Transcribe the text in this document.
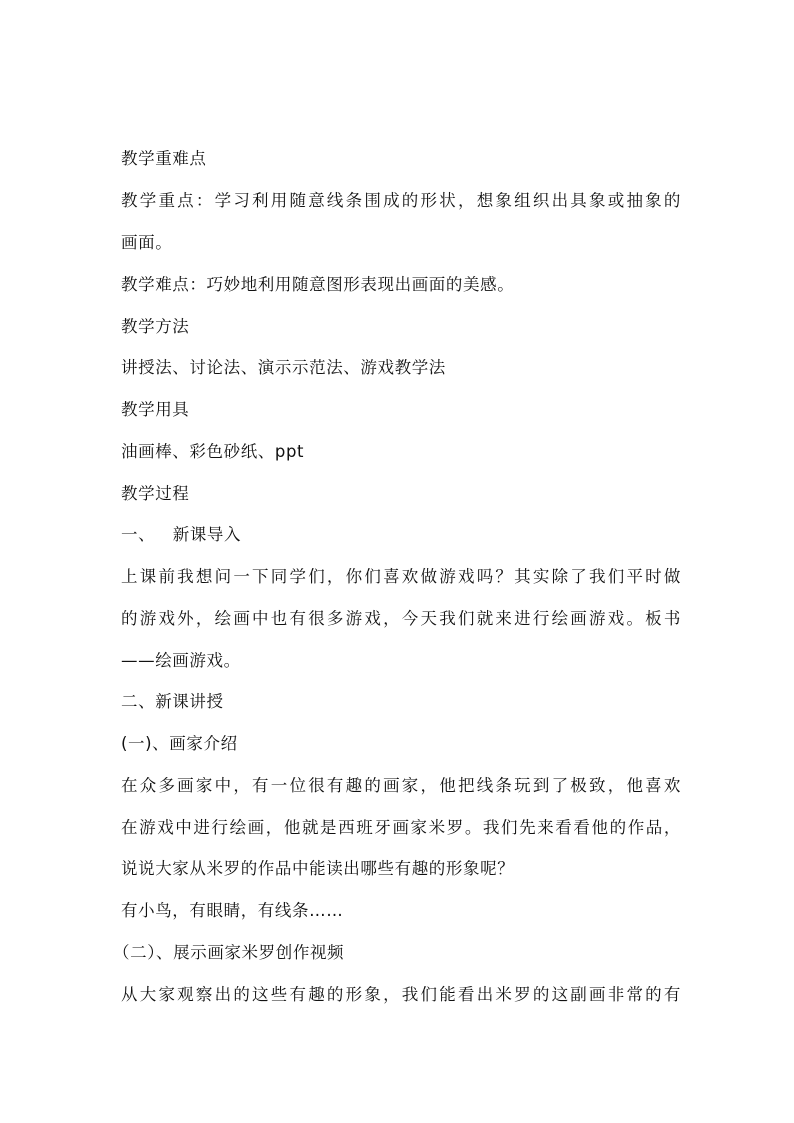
教学重难点
教学重点：学习利用随意线条围成的形状，想象组织出具象或抽象的
画面。
教学难点：巧妙地利用随意图形表现出画面的美感。
教学方法
讲授法、讨论法、演示示范法、游戏教学法
教学用具
油画棒、彩色砂纸、ppt
教学过程
一、   新课导入
上课前我想问一下同学们，你们喜欢做游戏吗？其实除了我们平时做
的游戏外，绘画中也有很多游戏，今天我们就来进行绘画游戏。板书
——绘画游戏。
二、新课讲授
(一)、画家介绍
在众多画家中，有一位很有趣的画家，他把线条玩到了极致，他喜欢
在游戏中进行绘画，他就是西班牙画家米罗。我们先来看看他的作品，
说说大家从米罗的作品中能读出哪些有趣的形象呢？
有小鸟，有眼睛，有线条……
（二）、展示画家米罗创作视频
从大家观察出的这些有趣的形象，我们能看出米罗的这副画非常的有
